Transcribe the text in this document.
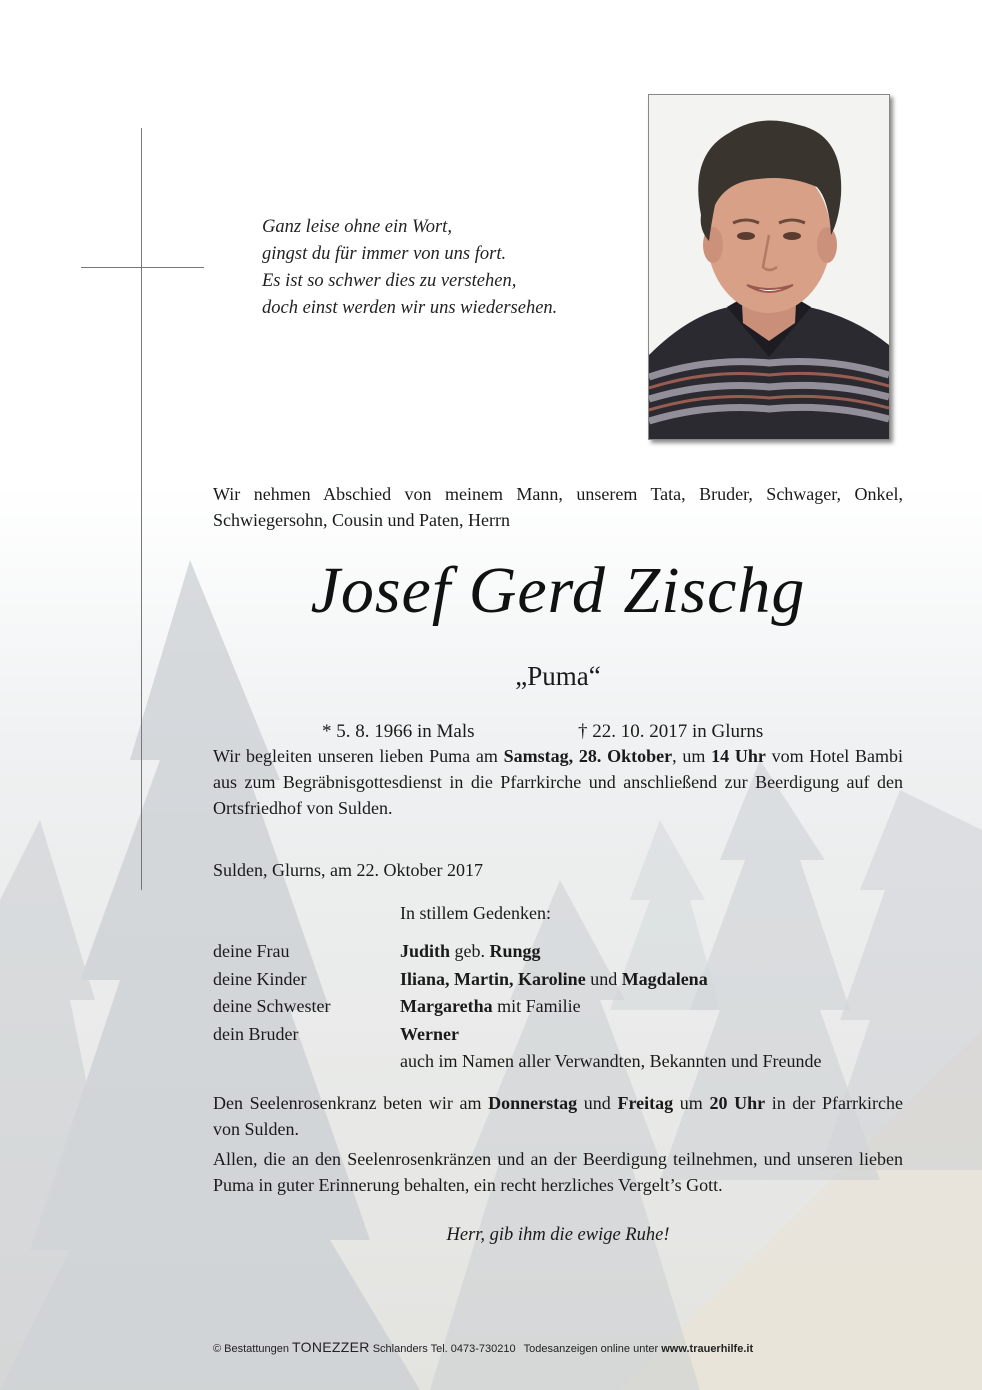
Ganz leise ohne ein Wort,
gingst du für immer von uns fort.
Es ist so schwer dies zu verstehen,
doch einst werden wir uns wiedersehen.
Wir nehmen Abschied von meinem Mann, unserem Tata, Bruder, Schwager, Onkel, Schwiegersohn, Cousin und Paten, Herrn
Josef Gerd Zischg
„Puma“
* 5. 8. 1966 in Mals	† 22. 10. 2017 in Glurns
Wir begleiten unseren lieben Puma am Samstag, 28. Oktober, um 14 Uhr vom Hotel Bambi aus zum Begräbnisgottesdienst in die Pfarrkirche und anschließend zur Beerdigung auf den Ortsfriedhof von Sulden.
Sulden, Glurns, am 22. Oktober 2017
In stillem Gedenken:
deine Frau	Judith geb. Rungg
deine Kinder	Iliana, Martin, Karoline und Magdalena
deine Schwester	Margaretha mit Familie
dein Bruder	Werner
auch im Namen aller Verwandten, Bekannten und Freunde
Den Seelenrosenkranz beten wir am Donnerstag und Freitag um 20 Uhr in der Pfarrkirche von Sulden.
Allen, die an den Seelenrosenkränzen und an der Beerdigung teilnehmen, und unseren lieben Puma in guter Erinnerung behalten, ein recht herzliches Vergelt’s Gott.
Herr, gib ihm die ewige Ruhe!
© Bestattungen TONEZZER Schlanders Tel. 0473-730210 Todesanzeigen online unter www.trauerhilfe.it
